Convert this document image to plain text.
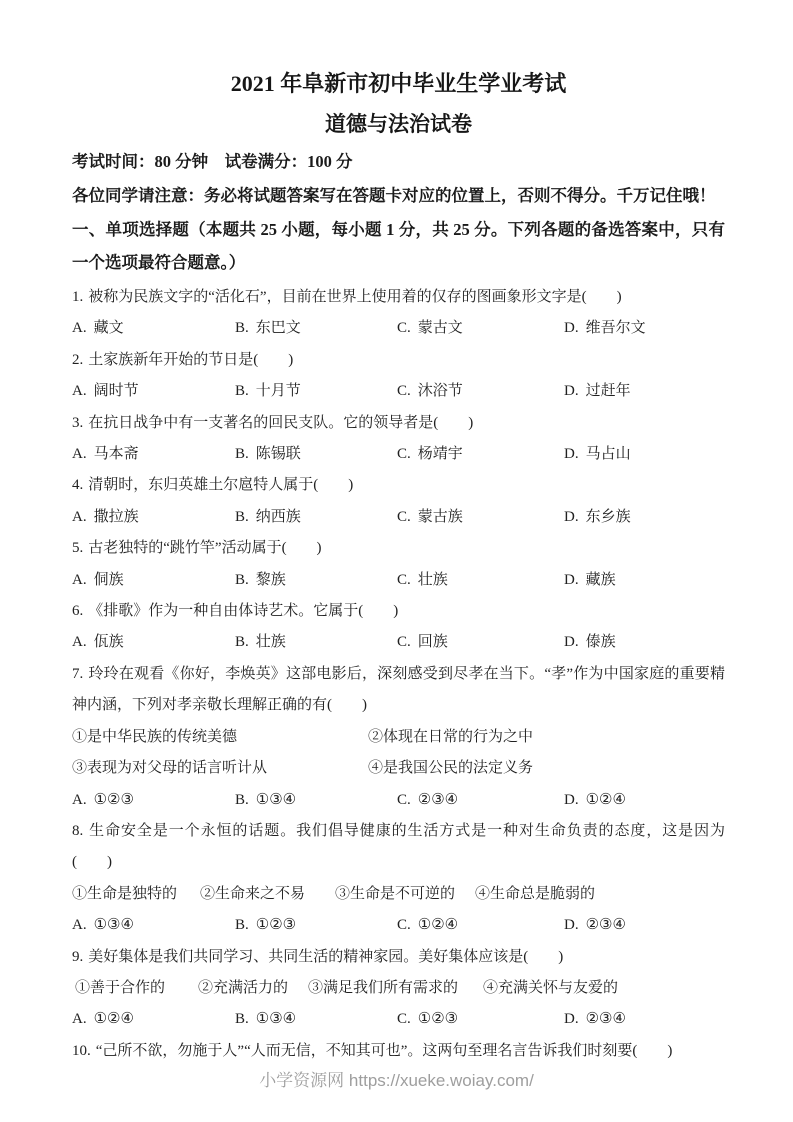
2021 年阜新市初中毕业生学业考试
道德与法治试卷
考试时间：80 分钟　试卷满分：100 分
各位同学请注意：务必将试题答案写在答题卡对应的位置上，否则不得分。千万记住哦！
一、单项选择题（本题共 25 小题，每小题 1 分，共 25 分。下列各题的备选答案中，只有一个选项最符合题意。）
1. 被称为民族文字的“活化石”，目前在世界上使用着的仅存的图画象形文字是(　　)
A. 藏文	B. 东巴文	C. 蒙古文	D. 维吾尔文
2. 土家族新年开始的节日是(　　)
A. 阔时节	B. 十月节	C. 沐浴节	D. 过赶年
3. 在抗日战争中有一支著名的回民支队。它的领导者是(　　)
A. 马本斋	B. 陈锡联	C. 杨靖宇	D. 马占山
4. 清朝时，东归英雄土尔扈特人属于(　　)
A. 撒拉族	B. 纳西族	C. 蒙古族	D. 东乡族
5. 古老独特的“跳竹竿”活动属于(　　)
A. 侗族	B. 黎族	C. 壮族	D. 藏族
6. 《排歌》作为一种自由体诗艺术。它属于(　　)
A. 佤族	B. 壮族	C. 回族	D. 傣族
7. 玲玲在观看《你好，李焕英》这部电影后，深刻感受到尽孝在当下。“孝”作为中国家庭的重要精神内涵，下列对孝亲敬长理解正确的有(　　)
①是中华民族的传统美德	②体现在日常的行为之中
③表现为对父母的话言听计从	④是我国公民的法定义务
A. ①②③	B. ①③④	C. ②③④	D. ①②④
8. 生命安全是一个永恒的话题。我们倡导健康的生活方式是一种对生命负责的态度，这是因为(　　)
①生命是独特的	②生命来之不易	③生命是不可逆的	④生命总是脆弱的
A. ①③④	B. ①②③	C. ①②④	D. ②③④
9. 美好集体是我们共同学习、共同生活的精神家园。美好集体应该是(　　)
①善于合作的	②充满活力的	③满足我们所有需求的	④充满关怀与友爱的
A. ①②④	B. ①③④	C. ①②③	D. ②③④
10. “己所不欲，勿施于人”“人而无信，不知其可也”。这两句至理名言告诉我们时刻要(　　)
小学资源网 https://xueke.woiay.com/
